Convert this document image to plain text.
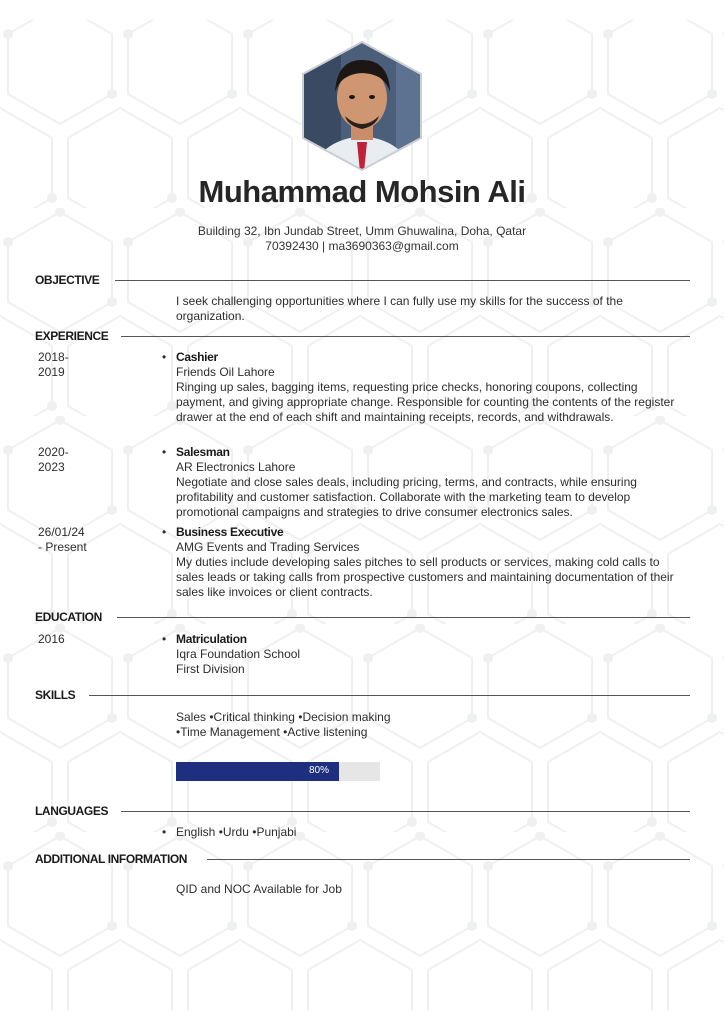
Muhammad Mohsin Ali
Building 32, Ibn Jundab Street, Umm Ghuwalina, Doha, Qatar
70392430 | ma3690363@gmail.com
OBJECTIVE
I seek challenging opportunities where I can fully use my skills for the success of the organization.
EXPERIENCE
2018-
2019
• Cashier
Friends Oil Lahore
Ringing up sales, bagging items, requesting price checks, honoring coupons, collecting payment, and giving appropriate change. Responsible for counting the contents of the register drawer at the end of each shift and maintaining receipts, records, and withdrawals.
2020-
2023
• Salesman
AR Electronics Lahore
Negotiate and close sales deals, including pricing, terms, and contracts, while ensuring profitability and customer satisfaction. Collaborate with the marketing team to develop promotional campaigns and strategies to drive consumer electronics sales.
26/01/24
- Present
• Business Executive
AMG Events and Trading Services
My duties include developing sales pitches to sell products or services, making cold calls to sales leads or taking calls from prospective customers and maintaining documentation of their sales like invoices or client contracts.
EDUCATION
2016	• Matriculation
Iqra Foundation School
First Division
SKILLS
Sales •Critical thinking •Decision making •Time Management •Active listening
80%
LANGUAGES
• English •Urdu •Punjabi
ADDITIONAL INFORMATION
QID and NOC Available for Job
